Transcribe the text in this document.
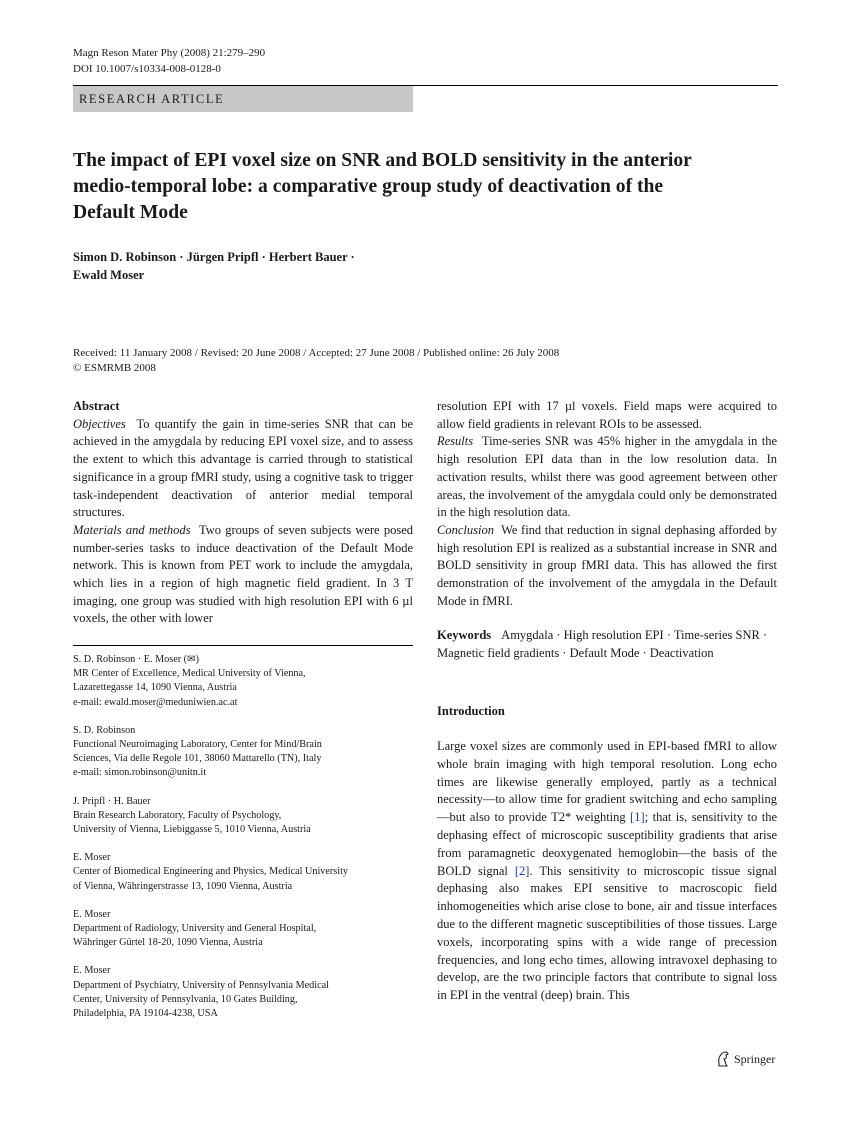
Magn Reson Mater Phy (2008) 21:279–290
DOI 10.1007/s10334-008-0128-0
RESEARCH ARTICLE
The impact of EPI voxel size on SNR and BOLD sensitivity in the anterior medio-temporal lobe: a comparative group study of deactivation of the Default Mode
Simon D. Robinson · Jürgen Pripfl · Herbert Bauer ·
Ewald Moser
Received: 11 January 2008 / Revised: 20 June 2008 / Accepted: 27 June 2008 / Published online: 26 July 2008
© ESMRMB 2008

Abstract

Objectives To quantify the gain in time-series SNR that can be achieved in the amygdala by reducing EPI voxel size, and to assess the extent to which this advantage is carried through to statistical significance in a group fMRI study, using a cognitive task to trigger task-independent deactivation of anterior medial temporal structures.

Materials and methods Two groups of seven subjects were posed number-series tasks to induce deactivation of the Default Mode network. This is known from PET work to include the amygdala, which lies in a region of high magnetic field gradient. In 3 T imaging, one group was studied with high resolution EPI with 6 µl voxels, the other with lower

S. D. Robinson · E. Moser (✉)
MR Center of Excellence, Medical University of Vienna,
Lazarettegasse 14, 1090 Vienna, Austria
e-mail: ewald.moser@meduniwien.ac.at
S. D. Robinson
Functional Neuroimaging Laboratory, Center for Mind/Brain
Sciences, Via delle Regole 101, 38060 Mattarello (TN), Italy
e-mail: simon.robinson@unitn.it
J. Pripfl · H. Bauer
Brain Research Laboratory, Faculty of Psychology,
University of Vienna, Liebiggasse 5, 1010 Vienna, Austria
E. Moser
Center of Biomedical Engineering and Physics, Medical University
of Vienna, Währingerstrasse 13, 1090 Vienna, Austria
E. Moser
Department of Radiology, University and General Hospital,
Währinger Gürtel 18-20, 1090 Vienna, Austria
E. Moser
Department of Psychiatry, University of Pennsylvania Medical
Center, University of Pennsylvania, 10 Gates Building,
Philadelphia, PA 19104-4238, USA

resolution EPI with 17 µl voxels. Field maps were acquired to allow field gradients in relevant ROIs to be assessed.

Results Time-series SNR was 45% higher in the amygdala in the high resolution EPI data than in the low resolution data. In activation results, whilst there was good agreement between other areas, the involvement of the amygdala could only be demonstrated in the high resolution data.

Conclusion We find that reduction in signal dephasing afforded by high resolution EPI is realized as a substantial increase in SNR and BOLD sensitivity in group fMRI data. This has allowed the first demonstration of the involvement of the amygdala in the Default Mode in fMRI.

Keywords Amygdala · High resolution EPI · Time-series SNR · Magnetic field gradients · Default Mode · Deactivation

Introduction
Large voxel sizes are commonly used in EPI-based fMRI to allow whole brain imaging with high temporal resolution. Long echo times are likewise generally employed, partly as a technical necessity—to allow time for gradient switching and echo sampling—but also to provide T2* weighting [1]; that is, sensitivity to the dephasing effect of microscopic susceptibility gradients that arise from paramagnetic deoxygenated hemoglobin—the basis of the BOLD signal [2]. This sensitivity to microscopic tissue signal dephasing also makes EPI sensitive to macroscopic field inhomogeneities which arise close to bone, air and tissue interfaces due to the different magnetic susceptibilities of those tissues. Large voxels, incorporating spins with a wide range of precession frequencies, and long echo times, allowing intravoxel dephasing to develop, are the two principle factors that contribute to signal loss in EPI in the ventral (deep) brain. This
Springer
